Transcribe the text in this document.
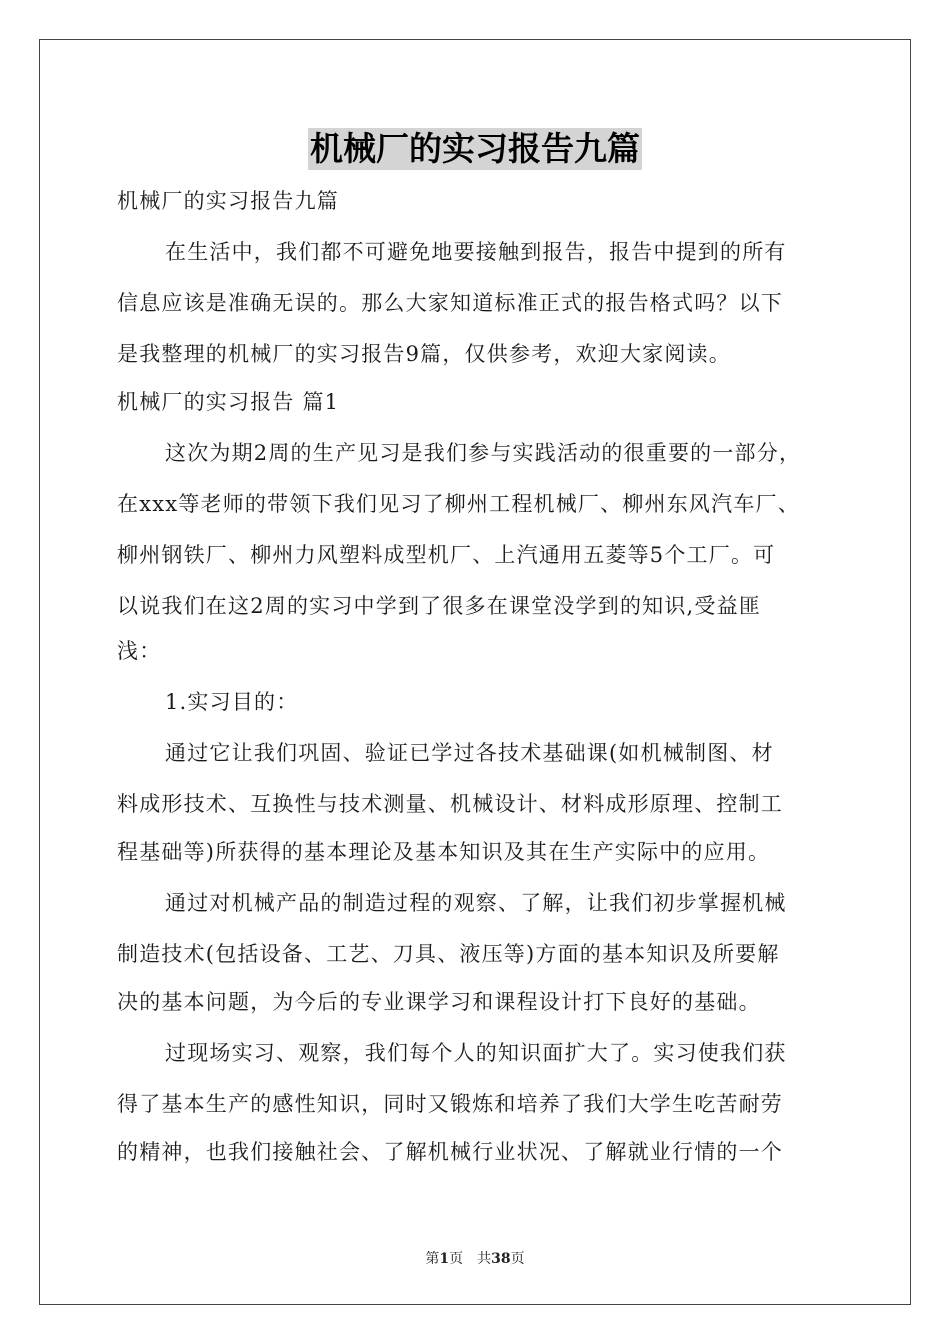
机械厂的实习报告九篇
机械厂的实习报告九篇
在生活中，我们都不可避免地要接触到报告，报告中提到的所有
信息应该是准确无误的。那么大家知道标准正式的报告格式吗？以下
是我整理的机械厂的实习报告9篇，仅供参考，欢迎大家阅读。
机械厂的实习报告 篇1
这次为期2周的生产见习是我们参与实践活动的很重要的一部分，
在xxx等老师的带领下我们见习了柳州工程机械厂、柳州东风汽车厂、
柳州钢铁厂、柳州力风塑料成型机厂、上汽通用五菱等5个工厂。可
以说我们在这2周的实习中学到了很多在课堂没学到的知识,受益匪
浅：
1.实习目的：
通过它让我们巩固、验证已学过各技术基础课(如机械制图、材
料成形技术、互换性与技术测量、机械设计、材料成形原理、控制工
程基础等)所获得的基本理论及基本知识及其在生产实际中的应用。
通过对机械产品的制造过程的观察、了解，让我们初步掌握机械
制造技术(包括设备、工艺、刀具、液压等)方面的基本知识及所要解
决的基本问题，为今后的专业课学习和课程设计打下良好的基础。
过现场实习、观察，我们每个人的知识面扩大了。实习使我们获
得了基本生产的感性知识，同时又锻炼和培养了我们大学生吃苦耐劳
的精神，也我们接触社会、了解机械行业状况、了解就业行情的一个
第1页　共38页
